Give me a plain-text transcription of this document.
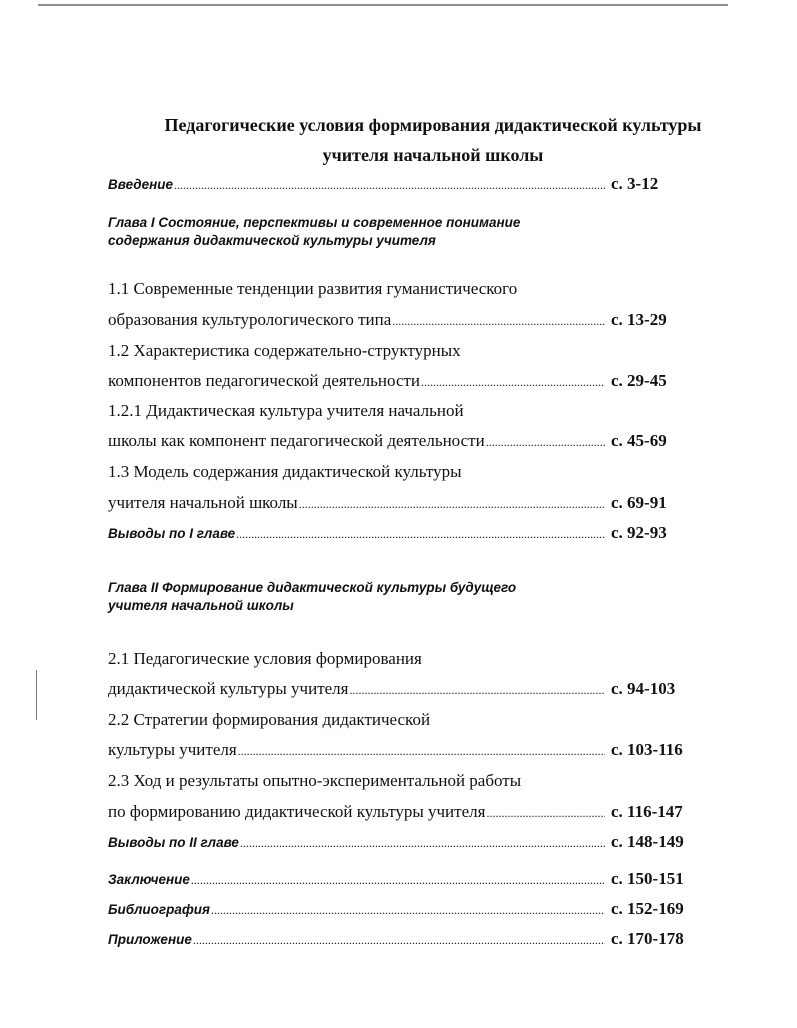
Педагогические условия формирования дидактической культуры
учителя начальной школы
Введение .....	с. 3-12
Глава I Состояние, перспективы и современное понимание
содержания дидактической культуры учителя
1.1 Современные тенденции развития гуманистического
образования культурологического типа .....	с. 13-29
1.2 Характеристика содержательно-структурных
компонентов педагогической деятельности .....	с. 29-45
1.2.1 Дидактическая культура учителя начальной
школы как компонент педагогической деятельности .....	с. 45-69
1.3 Модель содержания дидактической культуры
учителя начальной школы .....	с. 69-91
Выводы по I главе .....	с. 92-93
Глава II Формирование дидактической культуры будущего
учителя начальной школы
2.1 Педагогические условия формирования
дидактической культуры учителя .....	с. 94-103
2.2 Стратегии формирования дидактической
культуры учителя .....	с. 103-116
2.3 Ход и результаты опытно-экспериментальной работы
по формированию дидактической культуры учителя .....	с. 116-147
Выводы по II главе .....	с. 148-149
Заключение .....	с. 150-151
Библиография .....	с. 152-169
Приложение .....	с. 170-178
